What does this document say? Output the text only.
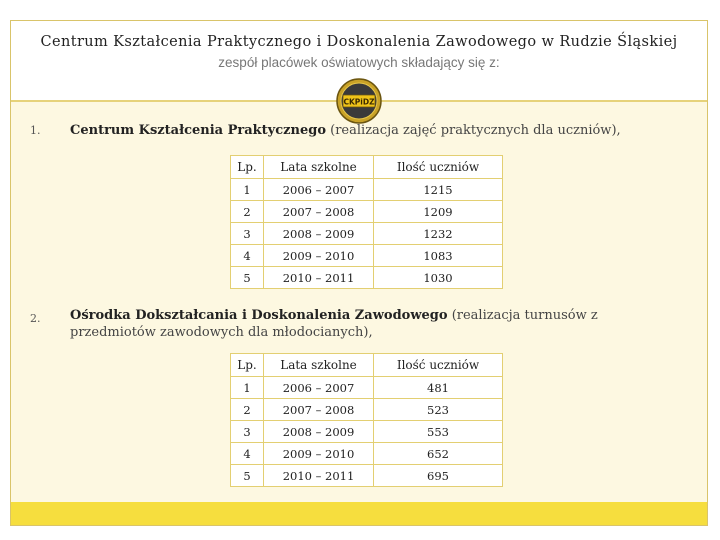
Centrum Kształcenia Praktycznego i Doskonalenia Zawodowego w Rudzie Śląskiej
zespół placówek oświatowych składający się z:
CKPiDZ
1. Centrum Kształcenia Praktycznego (realizacja zajęć praktycznych dla uczniów),
Lp.	Lata szkolne	Ilość uczniów
1	2006 – 2007	1215
2	2007 – 2008	1209
3	2008 – 2009	1232
4	2009 – 2010	1083
5	2010 – 2011	1030
2. Ośrodka Dokształcania i Doskonalenia Zawodowego (realizacja turnusów z przedmiotów zawodowych dla młodocianych),
Lp.	Lata szkolne	Ilość uczniów
1	2006 – 2007	481
2	2007 – 2008	523
3	2008 – 2009	553
4	2009 – 2010	652
5	2010 – 2011	695
